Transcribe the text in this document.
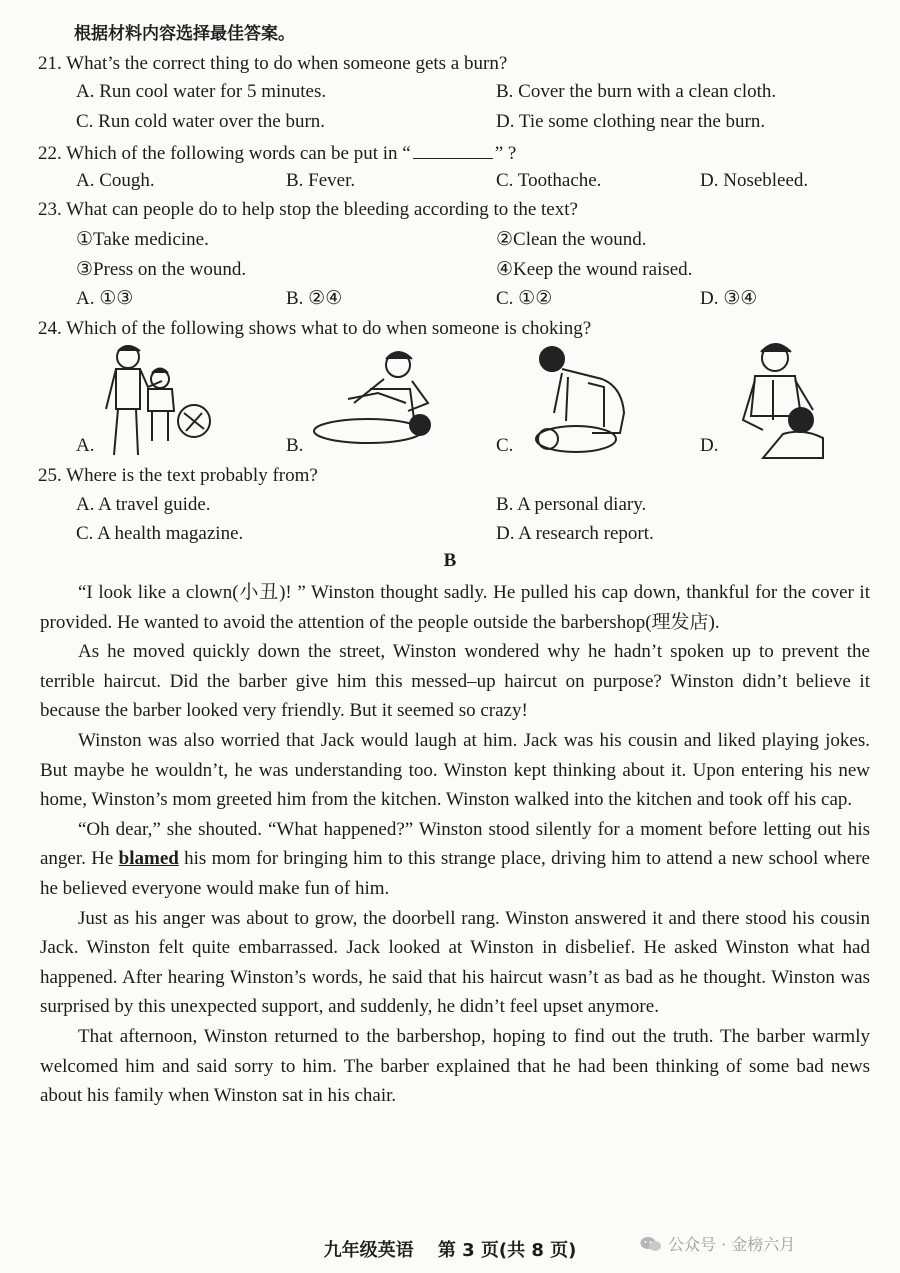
根据材料内容选择最佳答案。
21. What’s the correct thing to do when someone gets a burn?
A. Run cool water for 5 minutes.	B. Cover the burn with a clean cloth.
C. Run cold water over the burn.	D. Tie some clothing near the burn.
22. Which of the following words can be put in “	” ?
A. Cough.	B. Fever.	C. Toothache.	D. Nosebleed.
23. What can people do to help stop the bleeding according to the text?
①Take medicine.	②Clean the wound.
③Press on the wound.	④Keep the wound raised.
A. ①③	B. ②④	C. ①②	D. ③④
24. Which of the following shows what to do when someone is choking?
A.	B.	C.	D.
25. Where is the text probably from?
A. A travel guide.	B. A personal diary.
C. A health magazine.	D. A research report.
B

“I look like a clown(小丑)! ” Winston thought sadly. He pulled his cap down, thankful for the cover it provided. He wanted to avoid the attention of the people outside the barbershop(理发店).

As he moved quickly down the street, Winston wondered why he hadn’t spoken up to prevent the terrible haircut. Did the barber give him this messed–up haircut on purpose? Winston didn’t believe it because the barber looked very friendly. But it seemed so crazy!

Winston was also worried that Jack would laugh at him. Jack was his cousin and liked playing jokes. But maybe he wouldn’t, he was understanding too. Winston kept thinking about it. Upon entering his new home, Winston’s mom greeted him from the kitchen. Winston walked into the kitchen and took off his cap.

“Oh dear,” she shouted. “What happened?” Winston stood silently for a moment before letting out his anger. He blamed his mom for bringing him to this strange place, driving him to attend a new school where he believed everyone would make fun of him.

Just as his anger was about to grow, the doorbell rang. Winston answered it and there stood his cousin Jack. Winston felt quite embarrassed. Jack looked at Winston in disbelief. He asked Winston what had happened. After hearing Winston’s words, he said that his haircut wasn’t as bad as he thought. Winston was surprised by this unexpected support, and suddenly, he didn’t feel upset anymore.

That afternoon, Winston returned to the barbershop, hoping to find out the truth. The barber warmly welcomed him and said sorry to him. The barber explained that he had been thinking of some bad news about his family when Winston sat in his chair.

九年级英语　 第 3 页(共 8 页)	公众号 · 金榜六月
